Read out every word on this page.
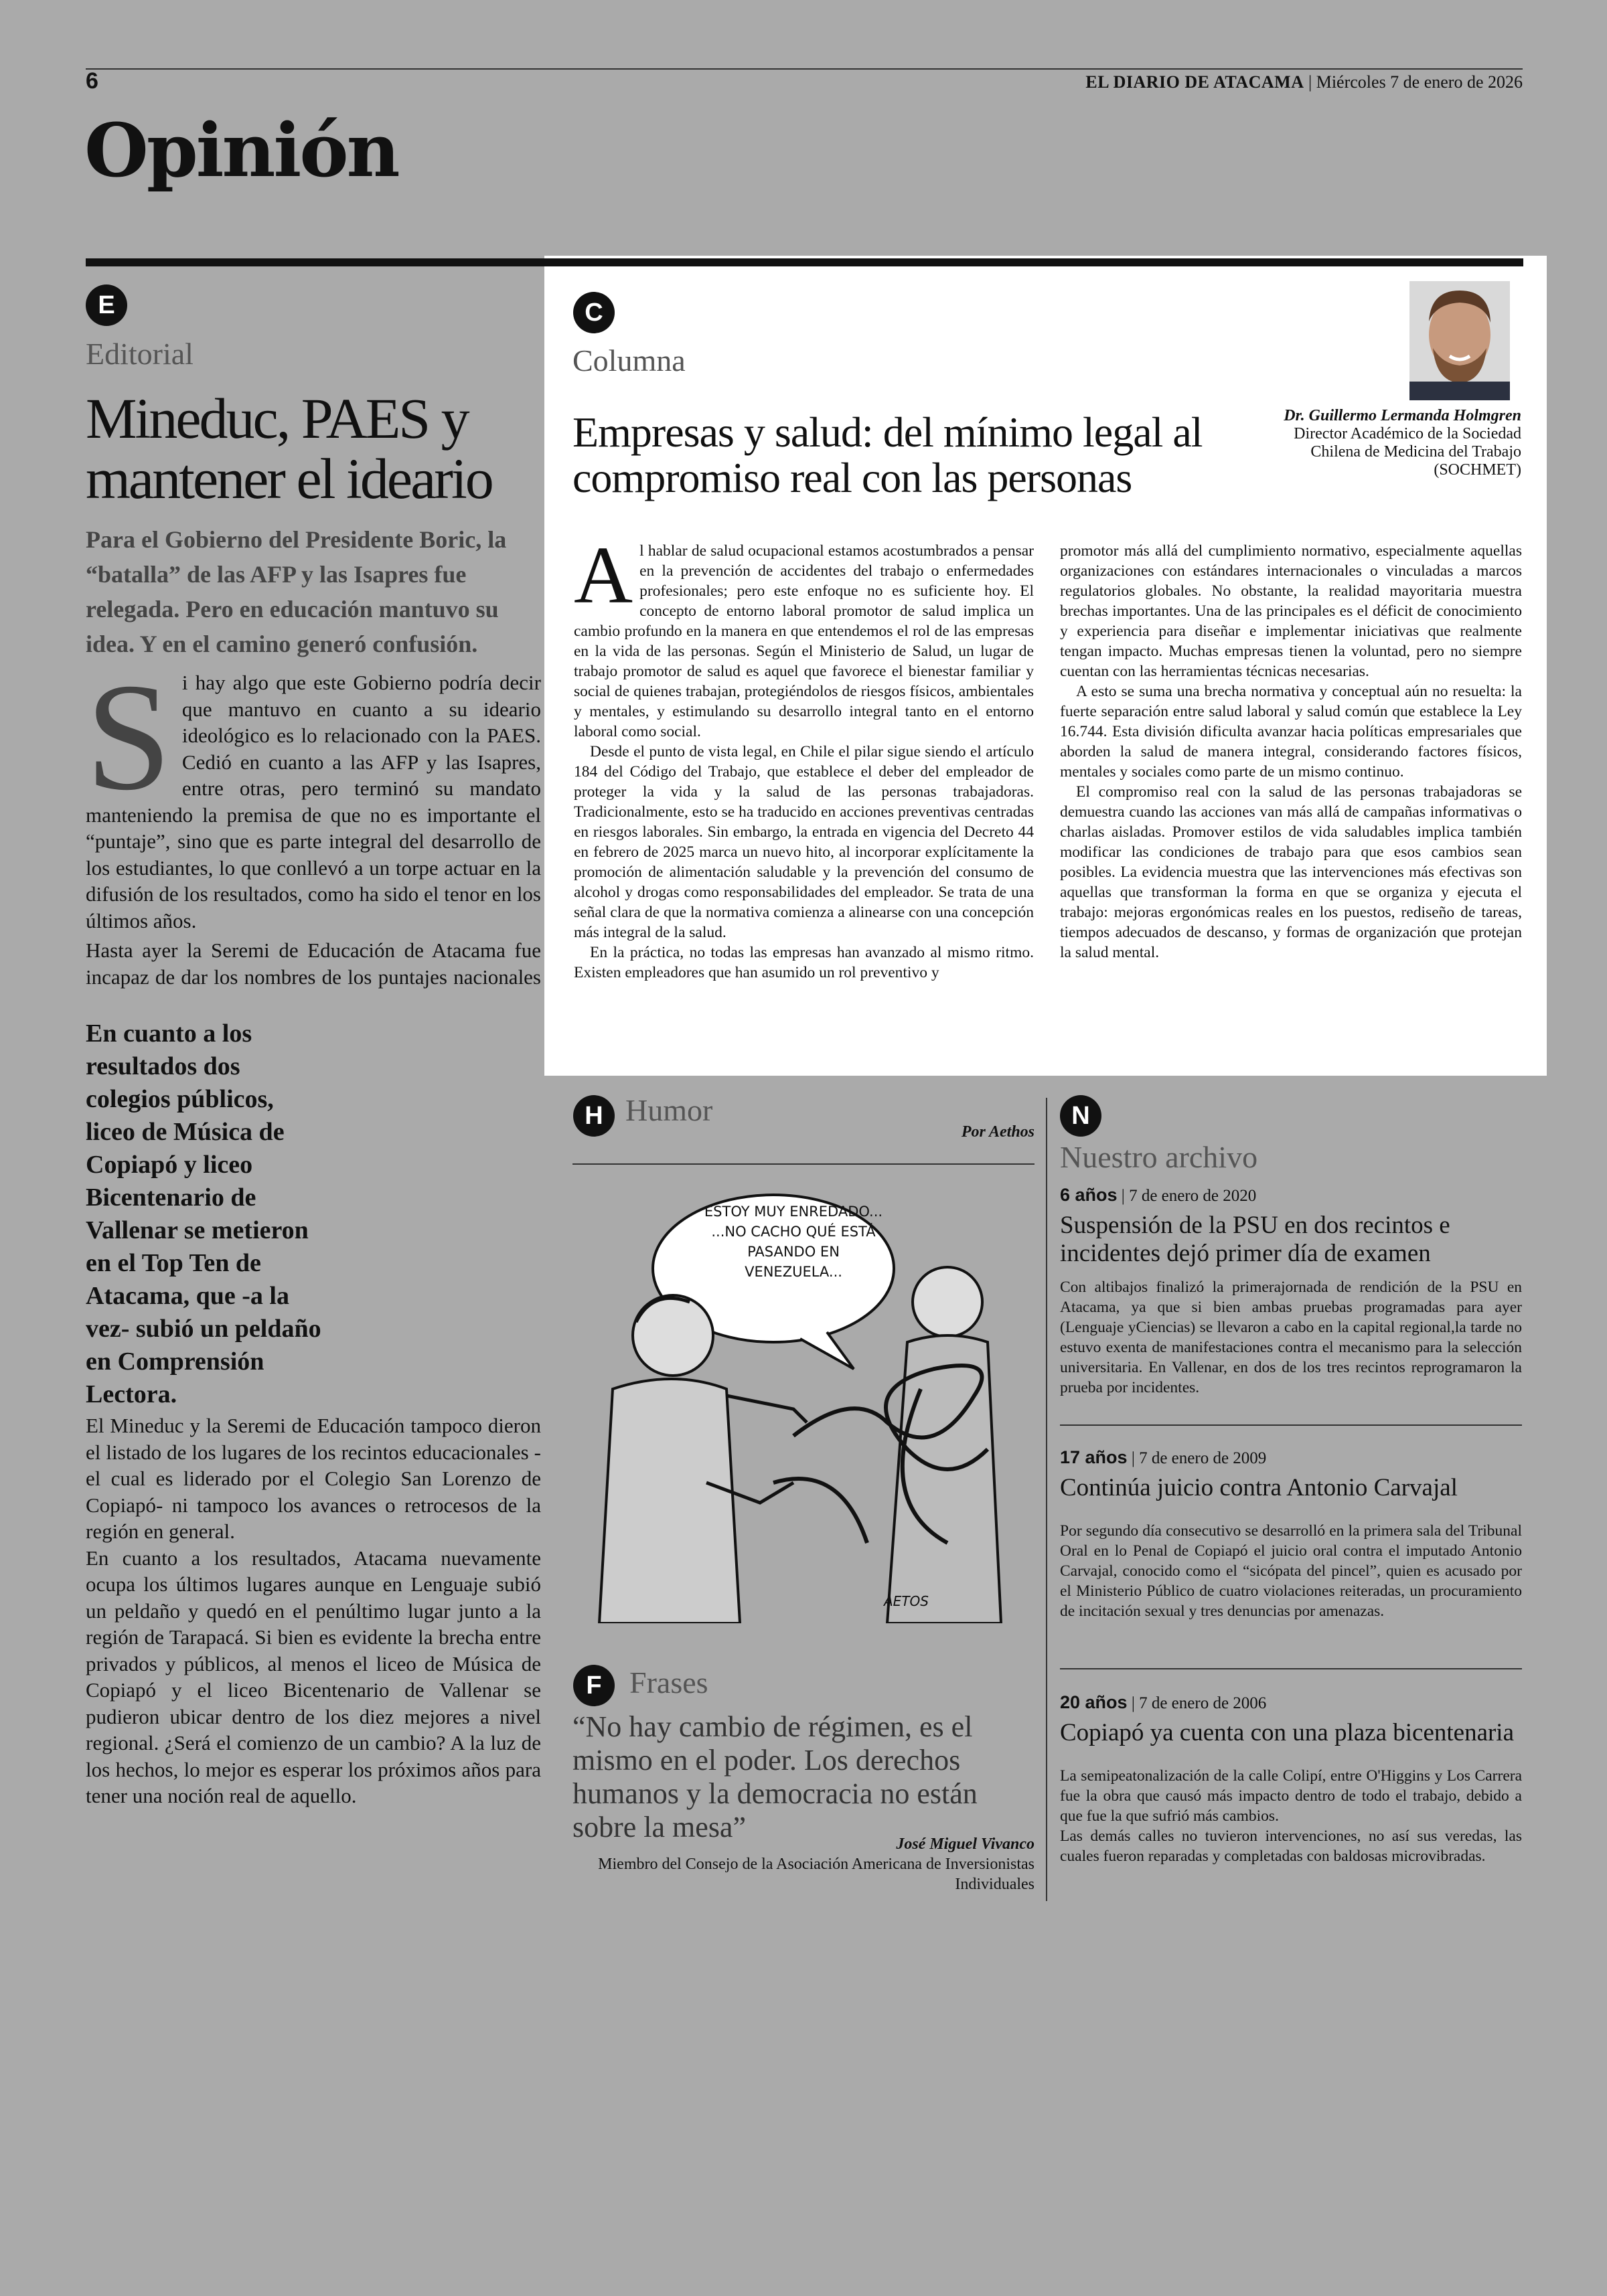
6	EL DIARIO DE ATACAMA | Miércoles 7 de enero de 2026
Opinión
E
Editorial
Mineduc, PAES y mantener el ideario
Para el Gobierno del Presidente Boric, la “batalla” de las AFP y las Isapres fue relegada. Pero en educación mantuvo su idea. Y en el camino generó confusión.
S i hay algo que este Gobierno podría decir que mantuvo en cuanto a su ideario ideológico es lo relacionado con la PAES. Cedió en cuanto a las AFP y las Isapres, entre otras, pero terminó su mandato manteniendo la premisa de que no es importante el “puntaje”, sino que es parte integral del desarrollo de los estudiantes, lo que conllevó a un torpe actuar en la difusión de los resultados, como ha sido el tenor en los últimos años.
Hasta ayer la Seremi de Educación de Atacama fue incapaz de dar los nombres de los puntajes nacionales
En cuanto a los resultados dos colegios públicos, liceo de Música de Copiapó y liceo Bicentenario de Vallenar se metieron en el Top Ten de Atacama, que -a la vez- subió un peldaño en Comprensión Lectora.
El Mineduc y la Seremi de Educación tampoco dieron el listado de los lugares de los recintos educacionales -el cual es liderado por el Colegio San Lorenzo de Copiapó- ni tampoco los avances o retrocesos de la región en general.
En cuanto a los resultados, Atacama nuevamente ocupa los últimos lugares aunque en Lenguaje subió un peldaño y quedó en el penúltimo lugar junto a la región de Tarapacá. Si bien es evidente la brecha entre privados y públicos, al menos el liceo de Música de Copiapó y el liceo Bicentenario de Vallenar se pudieron ubicar dentro de los diez mejores a nivel regional. ¿Será el comienzo de un cambio? A la luz de los hechos, lo mejor es esperar los próximos años para tener una noción real de aquello.
C
Columna
Empresas y salud: del mínimo legal al compromiso real con las personas
Dr. Guillermo Lermanda Holmgren
Director Académico de la Sociedad Chilena de Medicina del Trabajo (SOCHMET)
A l hablar de salud ocupacional estamos acostumbrados a pensar en la prevención de accidentes del trabajo o enfermedades profesionales; pero este enfoque no es suficiente hoy. El concepto de entorno laboral promotor de salud implica un cambio profundo en la manera en que entendemos el rol de las empresas en la vida de las personas. Según el Ministerio de Salud, un lugar de trabajo promotor de salud es aquel que favorece el bienestar familiar y social de quienes trabajan, protegiéndolos de riesgos físicos, ambientales y mentales, y estimulando su desarrollo integral tanto en el entorno laboral como social.
Desde el punto de vista legal, en Chile el pilar sigue siendo el artículo 184 del Código del Trabajo, que establece el deber del empleador de proteger la vida y la salud de las personas trabajadoras. Tradicionalmente, esto se ha traducido en acciones preventivas centradas en riesgos laborales. Sin embargo, la entrada en vigencia del Decreto 44 en febrero de 2025 marca un nuevo hito, al incorporar explícitamente la promoción de alimentación saludable y la prevención del consumo de alcohol y drogas como responsabilidades del empleador. Se trata de una señal clara de que la normativa comienza a alinearse con una concepción más integral de la salud.
En la práctica, no todas las empresas han avanzado al mismo ritmo. Existen empleadores que han asumido un rol preventivo y
promotor más allá del cumplimiento normativo, especialmente aquellas organizaciones con estándares internacionales o vinculadas a marcos regulatorios globales. No obstante, la realidad mayoritaria muestra brechas importantes. Una de las principales es el déficit de conocimiento y experiencia para diseñar e implementar iniciativas que realmente tengan impacto. Muchas empresas tienen la voluntad, pero no siempre cuentan con las herramientas técnicas necesarias.
A esto se suma una brecha normativa y conceptual aún no resuelta: la fuerte separación entre salud laboral y salud común que establece la Ley 16.744. Esta división dificulta avanzar hacia políticas empresariales que aborden la salud de manera integral, considerando factores físicos, mentales y sociales como parte de un mismo continuo.
El compromiso real con la salud de las personas trabajadoras se demuestra cuando las acciones van más allá de campañas informativas o charlas aisladas. Promover estilos de vida saludables implica también modificar las condiciones de trabajo para que esos cambios sean posibles. La evidencia muestra que las intervenciones más efectivas son aquellas que transforman la forma en que se organiza y ejecuta el trabajo: mejoras ergonómicas reales en los puestos, rediseño de tareas, tiempos adecuados de descanso, y formas de organización que protejan la salud mental.
H Humor
Por Aethos
ESTOY MUY ENREDADO... ...NO CACHO QUÉ ESTÁ PASANDO EN VENEZUELA...
AETOS
F Frases
“No hay cambio de régimen, es el mismo en el poder. Los derechos humanos y la democracia no están sobre la mesa”
José Miguel Vivanco
Miembro del Consejo de la Asociación Americana de Inversionistas Individuales
N
Nuestro archivo
6 años | 7 de enero de 2020
Suspensión de la PSU en dos recintos e incidentes dejó primer día de examen
Con altibajos finalizó la primerajornada de rendición de la PSU en Atacama, ya que si bien ambas pruebas programadas para ayer (Lenguaje yCiencias) se llevaron a cabo en la capital regional,la tarde no estuvo exenta de manifestaciones contra el mecanismo para la selección universitaria. En Vallenar, en dos de los tres recintos reprogramaron la prueba por incidentes.
17 años | 7 de enero de 2009
Continúa juicio contra Antonio Carvajal
Por segundo día consecutivo se desarrolló en la primera sala del Tribunal Oral en lo Penal de Copiapó el juicio oral contra el imputado Antonio Carvajal, conocido como el “sicópata del pincel”, quien es acusado por el Ministerio Público de cuatro violaciones reiteradas, un procuramiento de incitación sexual y tres denuncias por amenazas.
20 años | 7 de enero de 2006
Copiapó ya cuenta con una plaza bicentenaria
La semipeatonalización de la calle Colipí, entre O'Higgins y Los Carrera fue la obra que causó más impacto dentro de todo el trabajo, debido a que fue la que sufrió más cambios.
Las demás calles no tuvieron intervenciones, no así sus veredas, las cuales fueron reparadas y completadas con baldosas microvibradas.
